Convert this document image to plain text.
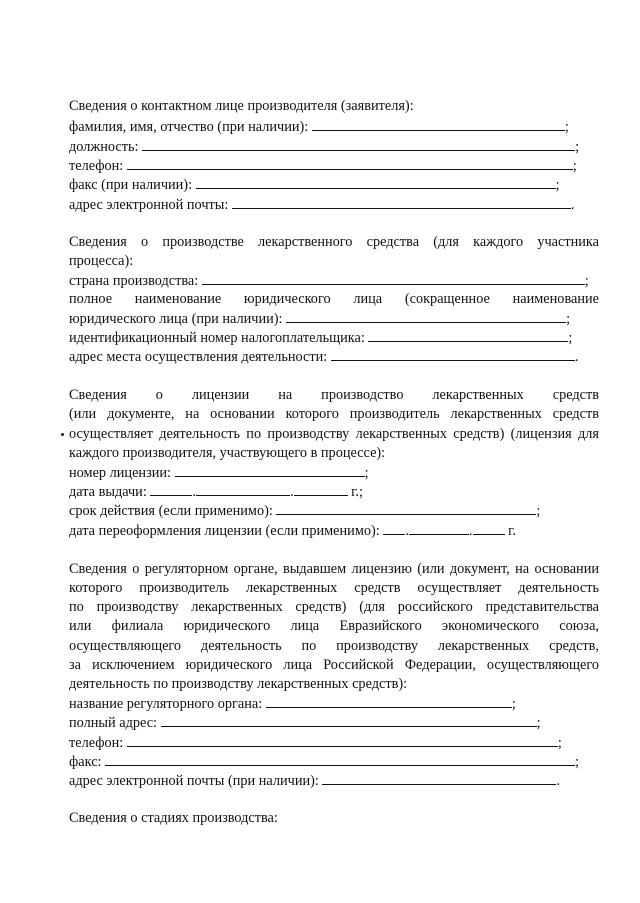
Сведения о контактном лице производителя (заявителя):
фамилия, имя, отчество (при наличии):	;
должность:	;
телефон:	;
факс (при наличии):	;
адрес электронной почты:	.
Сведения о производстве лекарственного средства (для каждого участника
процесса):
страна производства:	;
полное наименование юридического лица (сокращенное наименование
юридического лица (при наличии):	;
идентификационный номер налогоплательщика:	;
адрес места осуществления деятельности:	.
Сведения о лицензии на производство лекарственных средств
(или документе, на основании которого производитель лекарственных средств
осуществляет деятельность по производству лекарственных средств) (лицензия для
каждого производителя, участвующего в процессе):
номер лицензии:	;
дата выдачи:	.	.	г.;
срок действия (если применимо):	;
дата переоформления лицензии (если применимо): .	. г.
Сведения о регуляторном органе, выдавшем лицензию (или документ, на основании
которого производитель лекарственных средств осуществляет деятельность
по производству лекарственных средств) (для российского представительства
или филиала юридического лица Евразийского экономического союза,
осуществляющего деятельность по производству лекарственных средств,
за исключением юридического лица Российской Федерации, осуществляющего
деятельность по производству лекарственных средств):
название регуляторного органа:	;
полный адрес:	;
телефон:	;
факс:	;
адрес электронной почты (при наличии):	.
Сведения о стадиях производства:
